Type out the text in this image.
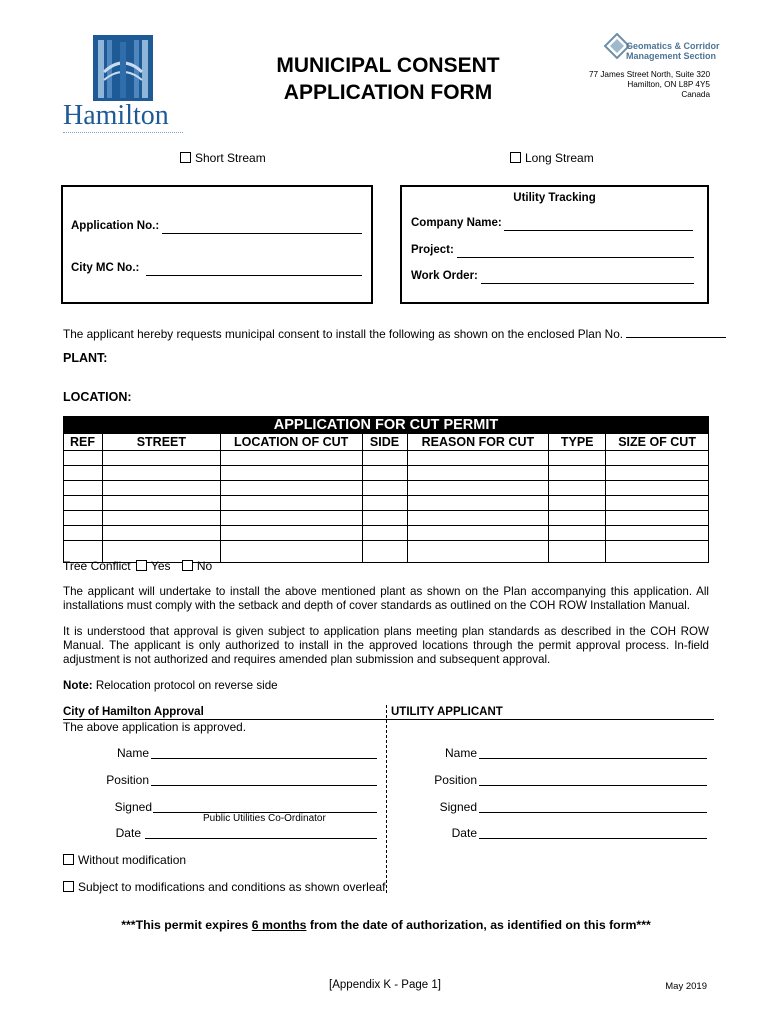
Hamilton
MUNICIPAL CONSENT
APPLICATION FORM
Geomatics & Corridor
Management Section
77 James Street North, Suite 320
Hamilton, ON L8P 4Y5
Canada
Short Stream	Long Stream
Application No.:
City MC No.:
Utility Tracking
Company Name:
Project:
Work Order:
The applicant hereby requests municipal consent to install the following as shown on the enclosed Plan No.
PLANT:
LOCATION:
APPLICATION FOR CUT PERMIT
REF	STREET	LOCATION OF CUT	SIDE	REASON FOR CUT	TYPE	SIZE OF CUT

Tree Conflict Yes No
The applicant will undertake to install the above mentioned plant as shown on the Plan accompanying this application. All installations must comply with the setback and depth of cover standards as outlined on the COH ROW Installation Manual.
It is understood that approval is given subject to application plans meeting plan standards as described in the COH ROW Manual. The applicant is only authorized to install in the approved locations through the permit approval process. In-field adjustment is not authorized and requires amended plan submission and subsequent approval.
Note: Relocation protocol on reverse side
City of Hamilton Approval	UTILITY APPLICANT
The above application is approved.
Name
Position
Signed
Public Utilities Co-Ordinator
Date
Name
Position
Signed
Date
Without modification
Subject to modifications and conditions as shown overleaf
***This permit expires 6 months from the date of authorization, as identified on this form***
[Appendix K - Page 1]	May 2019
